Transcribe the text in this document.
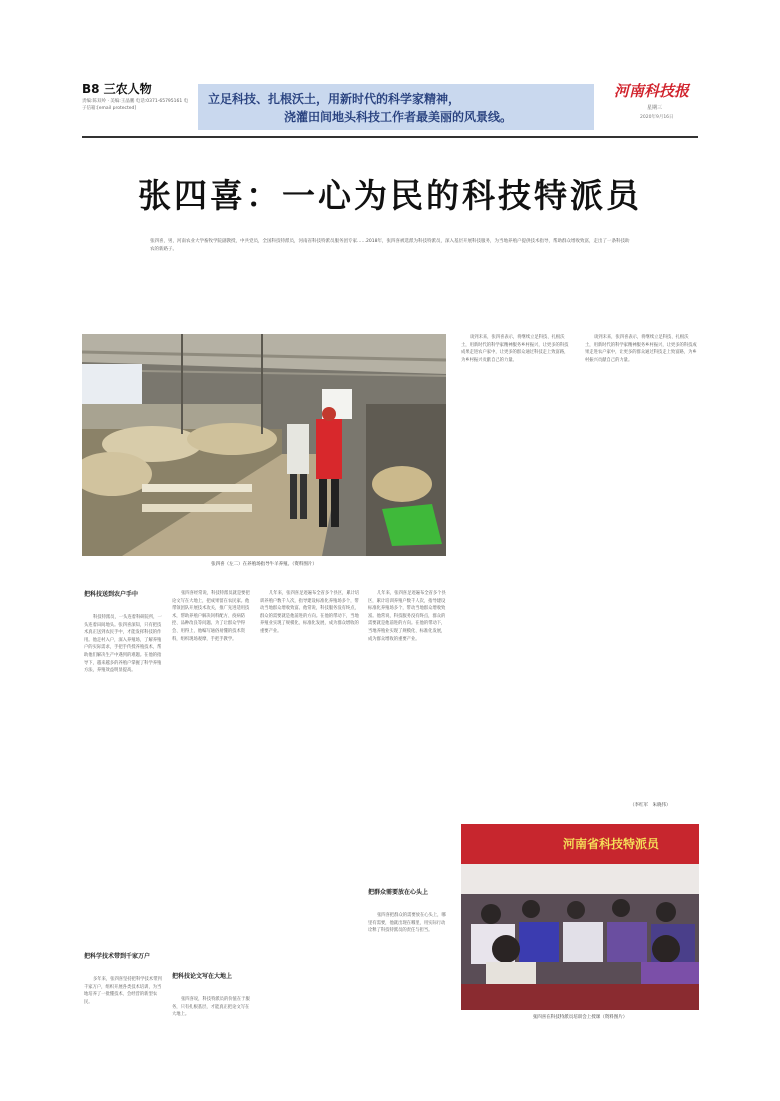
B8 三农人物
责编:陈双岭 · 美编:王晶鹏 电话:0371-65795161 电子信箱:[email protected]
立足科技、扎根沃土，用新时代的科学家精神，
浇灌田间地头科技工作者最美丽的风景线。
河南科技报
星期三
2020年9月16日
张四喜：一心为民的科技特派员
张四喜，男，河南农业大学畜牧学院副教授，中共党员，全国科技特派员，河南省科技特派员服务团专家……2018年，张四喜被选派为科技特派员，深入基层开展科技服务，为当地养殖户提供技术指导，帮助群众增收致富，走出了一条科技助农的新路子。
张四喜（左二）在养殖场指导牛羊养殖。（资料图片）
把科技送到农户手中
科技特派员，一头连着科研院所，一头连着田间地头。张四喜深知，只有把技术真正送到农民手中，才能发挥科技的作用。他走村入户，深入养殖场，了解养殖户的实际需求，手把手传授养殖技术，帮助他们解决生产中遇到的难题。在他的指导下，越来越多的养殖户掌握了科学养殖方法，养殖效益明显提高。
把科学技术带到千家万户
多年来，张四喜坚持把科学技术带到千家万户，组织开展各类技术培训，为当地培养了一批懂技术、会经营的新型农民。
张四喜经常说，科技特派员就是要把论文写在大地上，把成果留在农民家。他带领团队开展技术攻关，推广先进适用技术，帮助养殖户解决饲料配方、疫病防控、品种改良等问题。为了让群众学得会、用得上，他编写通俗易懂的技术资料，组织现场观摩，手把手教学。
把科技论文写在大地上
张四喜说，科技特派员的价值在于服务，只有扎根基层，才能真正把论文写在大地上。
几年来，张四喜足迹遍布全省多个县区，累计培训养殖户数千人次，指导建设标准化养殖场多个，带动当地群众增收致富。他常说，科技服务没有终点，群众的需要就是他前进的方向。在他的带动下，当地养殖业实现了规模化、标准化发展，成为群众增收的重要产业。
几年来，张四喜足迹遍布全省多个县区，累计培训养殖户数千人次，指导建设标准化养殖场多个，带动当地群众增收致富。他常说，科技服务没有终点，群众的需要就是他前进的方向。在他的带动下，当地养殖业实现了规模化、标准化发展，成为群众增收的重要产业。
把群众需要放在心头上
张四喜把群众的需要放在心头上，哪里有需要，他就出现在哪里，用实际行动诠释了科技特派员的责任与担当。
谈到未来，张四喜表示，将继续立足科技、扎根沃土，用新时代的科学家精神服务乡村振兴，让更多的科技成果走进农户家中，让更多的群众通过科技走上致富路，为乡村振兴贡献自己的力量。
谈到未来，张四喜表示，将继续立足科技、扎根沃土，用新时代的科学家精神服务乡村振兴，让更多的科技成果走进农户家中，让更多的群众通过科技走上致富路，为乡村振兴贡献自己的力量。
（李红军　朱晓伟）
河南省科技特派员
张四喜在科技特派员培训会上授课（资料图片）
